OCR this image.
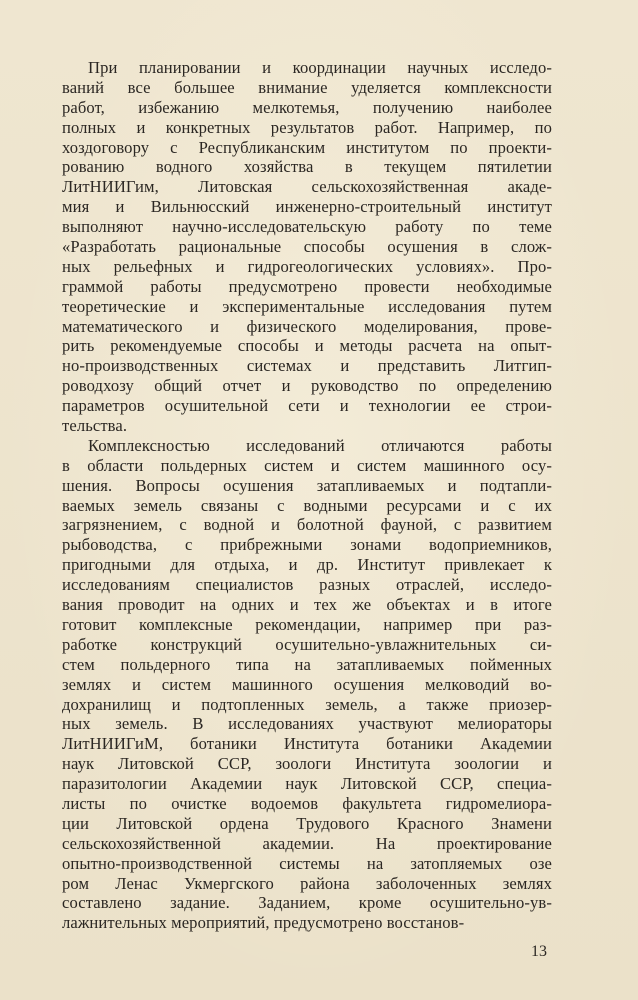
При планировании и координации научных исследо-
ваний все большее внимание уделяется комплексности
работ, избежанию мелкотемья, получению наиболее
полных и конкретных результатов работ. Например, по
хоздоговору с Республиканским институтом по проекти-
рованию водного хозяйства в текущем пятилетии
ЛитНИИГим, Литовская сельскохозяйственная акаде-
мия и Вильнюсский инженерно-строительный институт
выполняют научно-исследовательскую работу по теме
«Разработать рациональные способы осушения в слож-
ных рельефных и гидрогеологических условиях». Про-
граммой работы предусмотрено провести необходимые
теоретические и экспериментальные исследования путем
математического и физического моделирования, прове-
рить рекомендуемые способы и методы расчета на опыт-
но-производственных системах и представить Литгип-
роводхозу общий отчет и руководство по определению
параметров осушительной сети и технологии ее строи-
тельства.
Комплексностью исследований отличаются работы
в области польдерных систем и систем машинного осу-
шения. Вопросы осушения затапливаемых и подтапли-
ваемых земель связаны с водными ресурсами и с их
загрязнением, с водной и болотной фауной, с развитием
рыбоводства, с прибрежными зонами водоприемников,
пригодными для отдыха, и др. Институт привлекает к
исследованиям специалистов разных отраслей, исследо-
вания проводит на одних и тех же объектах и в итоге
готовит комплексные рекомендации, например при раз-
работке конструкций осушительно-увлажнительных си-
стем польдерного типа на затапливаемых пойменных
землях и систем машинного осушения мелководий во-
дохранилищ и подтопленных земель, а также приозер-
ных земель. В исследованиях участвуют мелиораторы
ЛитНИИГиМ, ботаники Института ботаники Академии
наук Литовской ССР, зоологи Института зоологии и
паразитологии Академии наук Литовской ССР, специа-
листы по очистке водоемов факультета гидромелиора-
ции Литовской ордена Трудового Красного Знамени
сельскохозяйственной академии. На проектирование
опытно-производственной системы на затопляемых озе
ром Ленас Укмергского района заболоченных землях
составлено задание. Заданием, кроме осушительно-ув-
лажнительных мероприятий, предусмотрено восстанов-
13
